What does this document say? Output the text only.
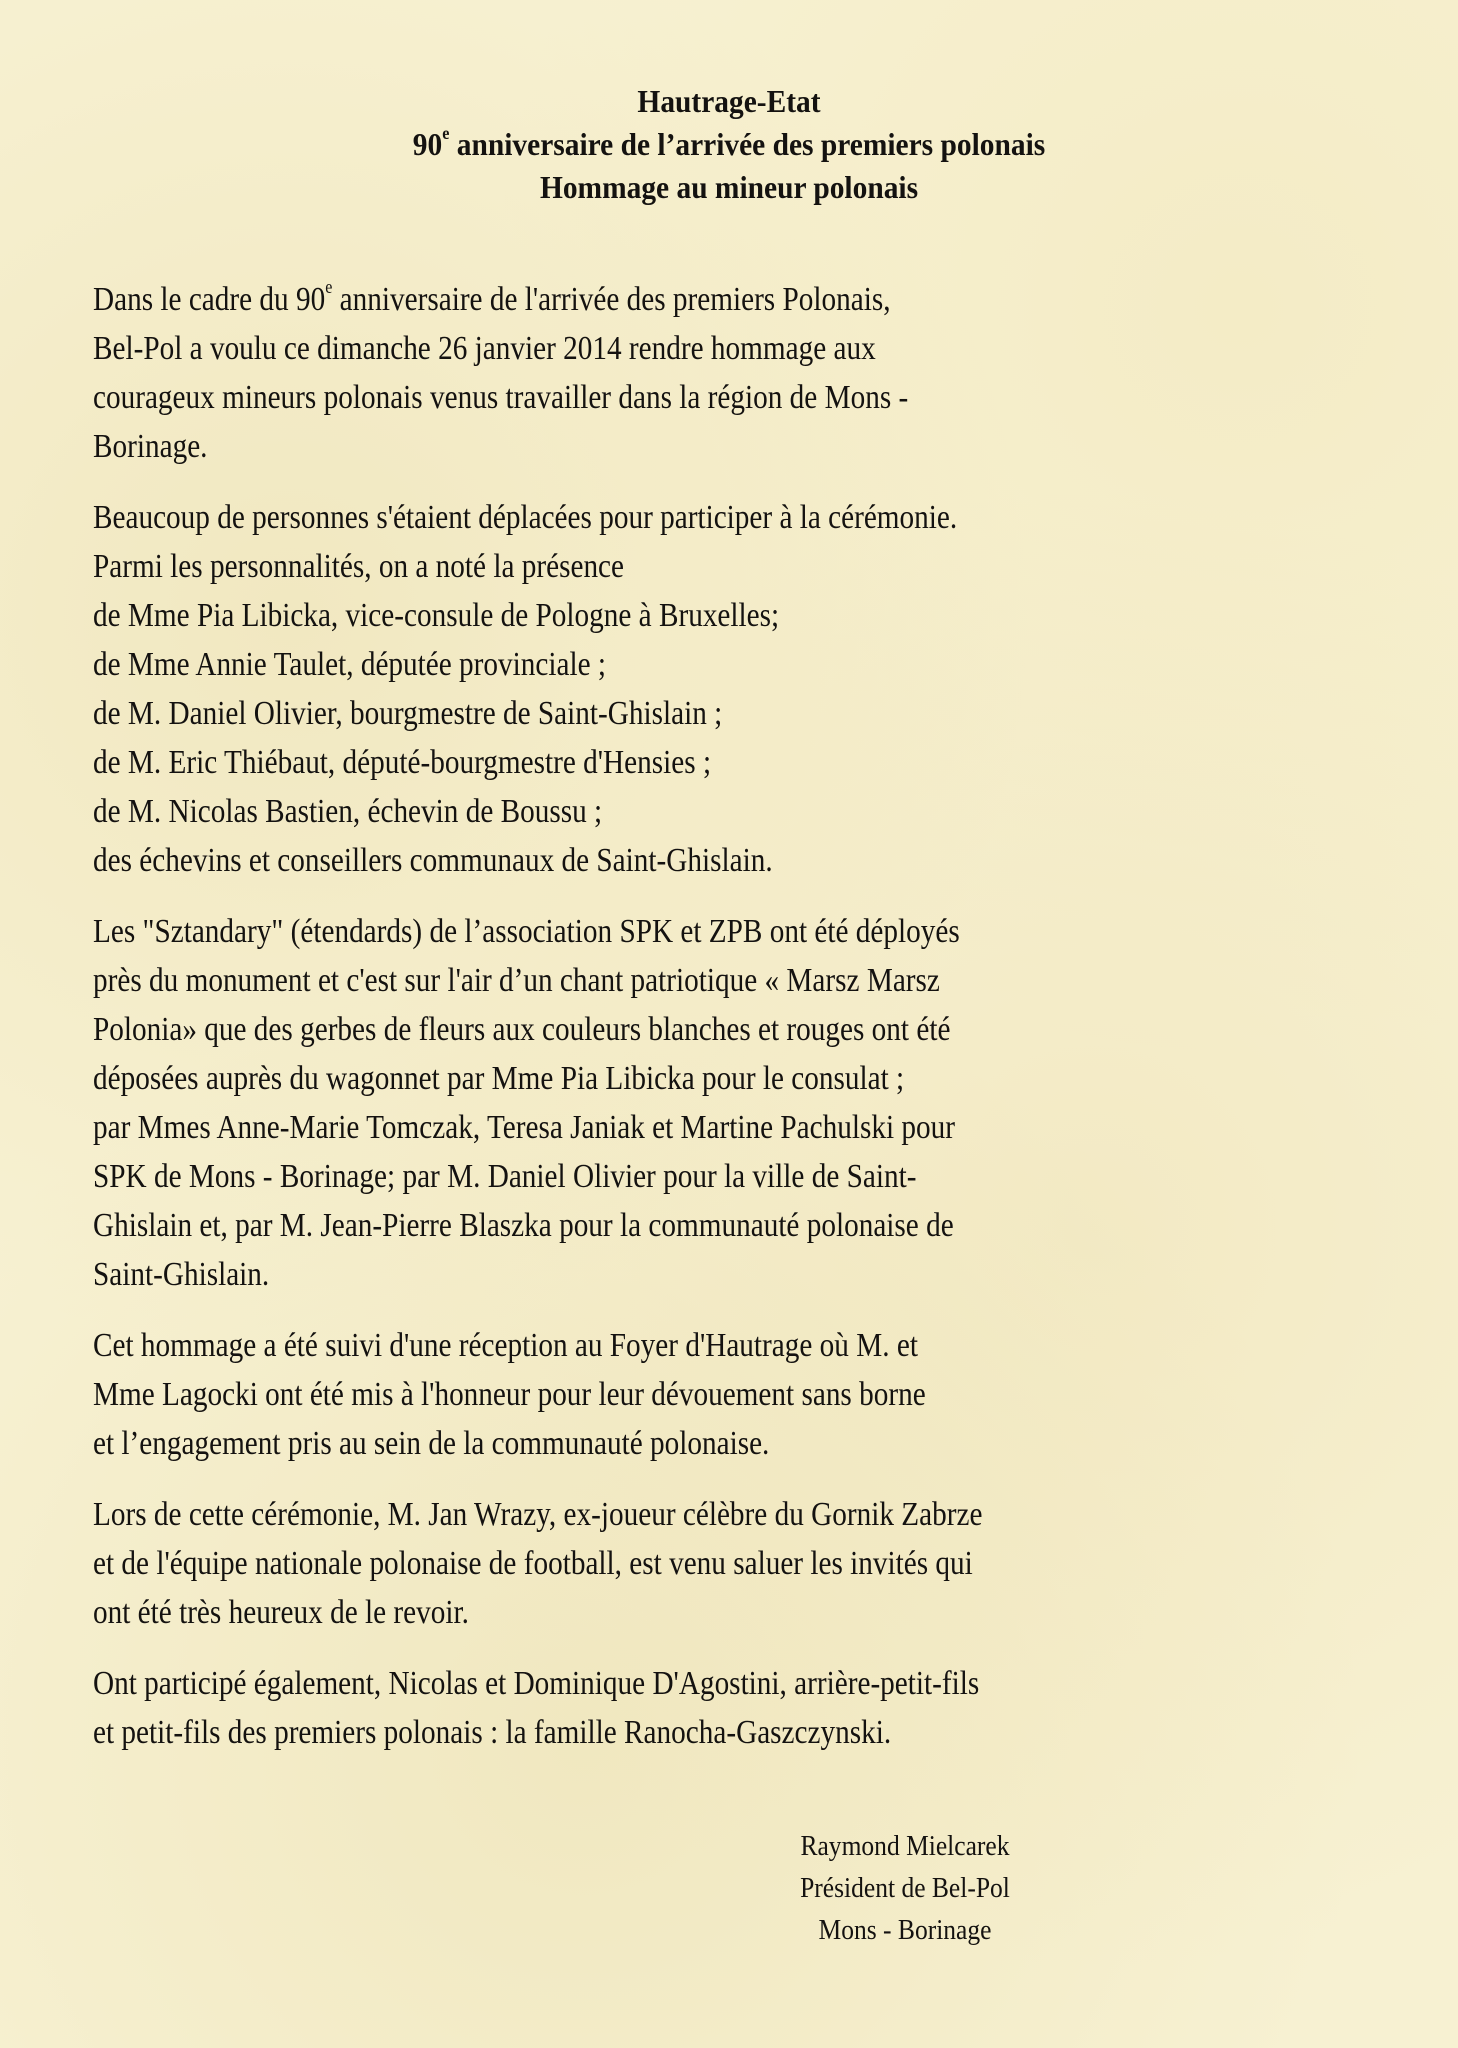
Hautrage-Etat
90e anniversaire de l’arrivée des premiers polonais
Hommage au mineur polonais
Dans le cadre du 90e anniversaire de l'arrivée des premiers Polonais,
Bel-Pol a voulu ce dimanche 26 janvier 2014 rendre hommage aux
courageux mineurs polonais venus travailler dans la région de Mons -
Borinage.
Beaucoup de personnes s'étaient déplacées pour participer à la cérémonie.
Parmi les personnalités, on a noté la présence
de Mme Pia Libicka, vice-consule de Pologne à Bruxelles;
de Mme Annie Taulet, députée provinciale ;
de M. Daniel Olivier, bourgmestre de Saint-Ghislain ;
de M. Eric Thiébaut, député-bourgmestre d'Hensies ;
de M. Nicolas Bastien, échevin de Boussu ;
des échevins et conseillers communaux de Saint-Ghislain.
Les "Sztandary" (étendards) de l’association SPK et ZPB ont été déployés
près du monument et c'est sur l'air d’un chant patriotique « Marsz Marsz
Polonia» que des gerbes de fleurs aux couleurs blanches et rouges ont été
déposées auprès du wagonnet par Mme Pia Libicka pour le consulat ;
par Mmes Anne-Marie Tomczak, Teresa Janiak et Martine Pachulski pour
SPK de Mons - Borinage; par M. Daniel Olivier pour la ville de Saint-
Ghislain et, par M. Jean-Pierre Blaszka pour la communauté polonaise de
Saint-Ghislain.
Cet hommage a été suivi d'une réception au Foyer d'Hautrage où M. et
Mme Lagocki ont été mis à l'honneur pour leur dévouement sans borne
et l’engagement pris au sein de la communauté polonaise.
Lors de cette cérémonie, M. Jan Wrazy, ex-joueur célèbre du Gornik Zabrze
et de l'équipe nationale polonaise de football, est venu saluer les invités qui
ont été très heureux de le revoir.
Ont participé également, Nicolas et Dominique D'Agostini, arrière-petit-fils
et petit-fils des premiers polonais : la famille Ranocha-Gaszczynski.
Raymond Mielcarek
Président de Bel-Pol
Mons - Borinage
